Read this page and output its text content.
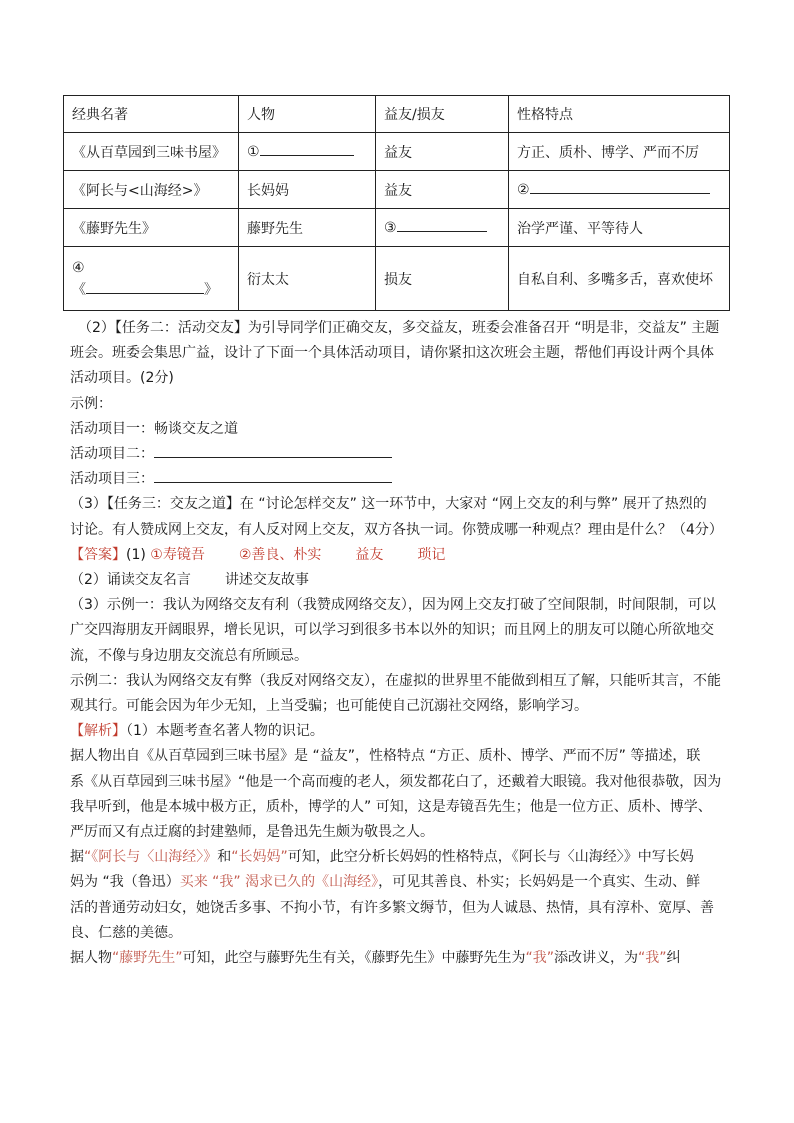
经典名著	人物	益友/损友	性格特点
《从百草园到三味书屋》	①	益友	方正、质朴、博学、严而不厉
《阿长与<山海经>》	长妈妈	益友	②
《藤野先生》	藤野先生	③	治学严谨、平等待人

④
《 》	衍太太	损友	自私自利、多嘴多舌，喜欢使坏

（2）【任务二：活动交友】为引导同学们正确交友，多交益友，班委会准备召开 “明是非，交益友” 主题

班会。班委会集思广益，设计了下面一个具体活动项目，请你紧扣这次班会主题，帮他们再设计两个具体

活动项目。(2分)

示例：

活动项目一：畅谈交友之道

活动项目二：

活动项目三：

（3）【任务三：交友之道】在 “讨论怎样交友” 这一环节中，大家对 “网上交友的利与弊” 展开了热烈的

讨论。有人赞成网上交友，有人反对网上交友，双方各执一词。你赞成哪一种观点？理由是什么？（4分）

【答案】(1) ①寿镜吾 ②善良、朴实 益友 琐记

（2）诵读交友名言 讲述交友故事

（3）示例一：我认为网络交友有利（我赞成网络交友），因为网上交友打破了空间限制，时间限制，可以

广交四海朋友开阔眼界，增长见识，可以学习到很多书本以外的知识；而且网上的朋友可以随心所欲地交

流，不像与身边朋友交流总有所顾忌。

示例二：我认为网络交友有弊（我反对网络交友），在虚拟的世界里不能做到相互了解，只能听其言，不能

观其行。可能会因为年少无知，上当受骗；也可能使自己沉溺社交网络，影响学习。

【解析】（1）本题考查名著人物的识记。

据人物出自《从百草园到三味书屋》是 “益友”，性格特点 “方正、质朴、博学、严而不厉” 等描述，联

系《从百草园到三味书屋》“他是一个高而瘦的老人，须发都花白了，还戴着大眼镜。我对他很恭敬，因为

我早听到，他是本城中极方正，质朴，博学的人” 可知，这是寿镜吾先生；他是一位方正、质朴、博学、

严厉而又有点迂腐的封建塾师，是鲁迅先生颇为敬畏之人。

据“《阿长与〈山海经〉》和“长妈妈”可知，此空分析长妈妈的性格特点，《阿长与〈山海经〉》中写长妈

妈为 “我（鲁迅）买来 “我” 渴求已久的《山海经》，可见其善良、朴实；长妈妈是一个真实、生动、鲜

活的普通劳动妇女，她饶舌多事、不拘小节，有许多繁文缛节，但为人诚恳、热情，具有淳朴、宽厚、善

良、仁慈的美德。

据人物“藤野先生”可知，此空与藤野先生有关，《藤野先生》中藤野先生为“我”添改讲义，为“我”纠
